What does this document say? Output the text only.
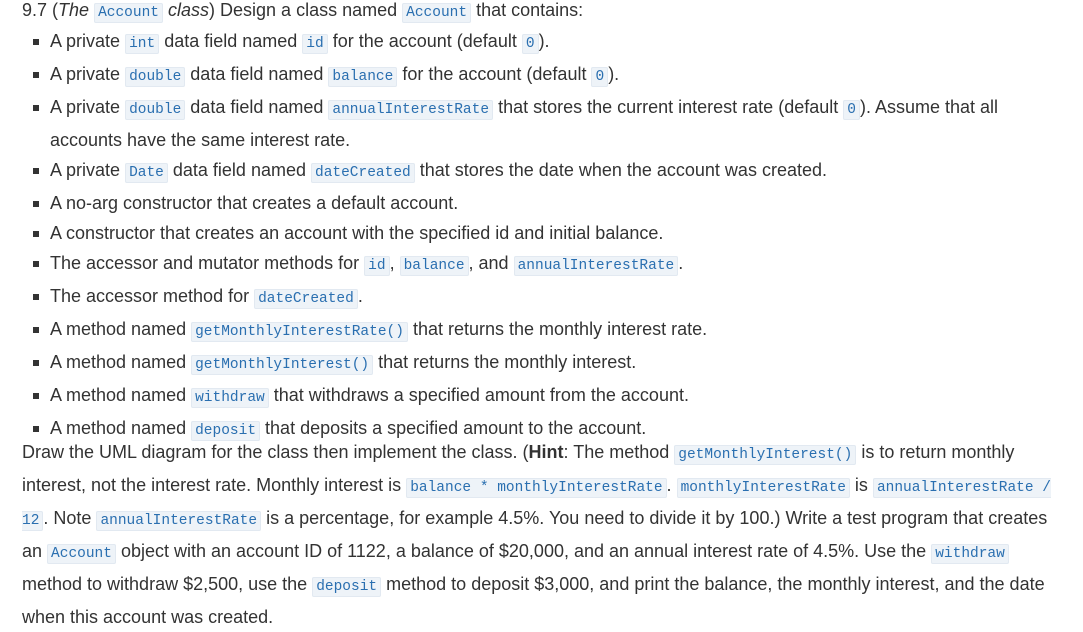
9.7 (The Account class) Design a class named Account that contains:
A private int data field named id for the account (default 0 ).
A private double data field named balance for the account (default 0 ).
A private double data field named annualInterestRate that stores the current interest rate (default 0 ). Assume that all accounts have the same interest rate.
A private Date data field named dateCreated that stores the date when the account was created.
A no-arg constructor that creates a default account.
A constructor that creates an account with the specified id and initial balance.
The accessor and mutator methods for id , balance , and annualInterestRate .
The accessor method for dateCreated .
A method named getMonthlyInterestRate() that returns the monthly interest rate.
A method named getMonthlyInterest() that returns the monthly interest.
A method named withdraw that withdraws a specified amount from the account.
A method named deposit that deposits a specified amount to the account.

Draw the UML diagram for the class then implement the class. (Hint: The method getMonthlyInterest() is to return monthly interest, not the interest rate. Monthly interest is balance * monthlyInterestRate . monthlyInterestRate is annualInterestRate / 12 . Note annualInterestRate is a percentage, for example 4.5%. You need to divide it by 100.) Write a test program that creates an Account object with an account ID of 1122, a balance of $20,000, and an annual interest rate of 4.5%. Use the withdraw method to withdraw $2,500, use the deposit method to deposit $3,000, and print the balance, the monthly interest, and the date when this account was created.
